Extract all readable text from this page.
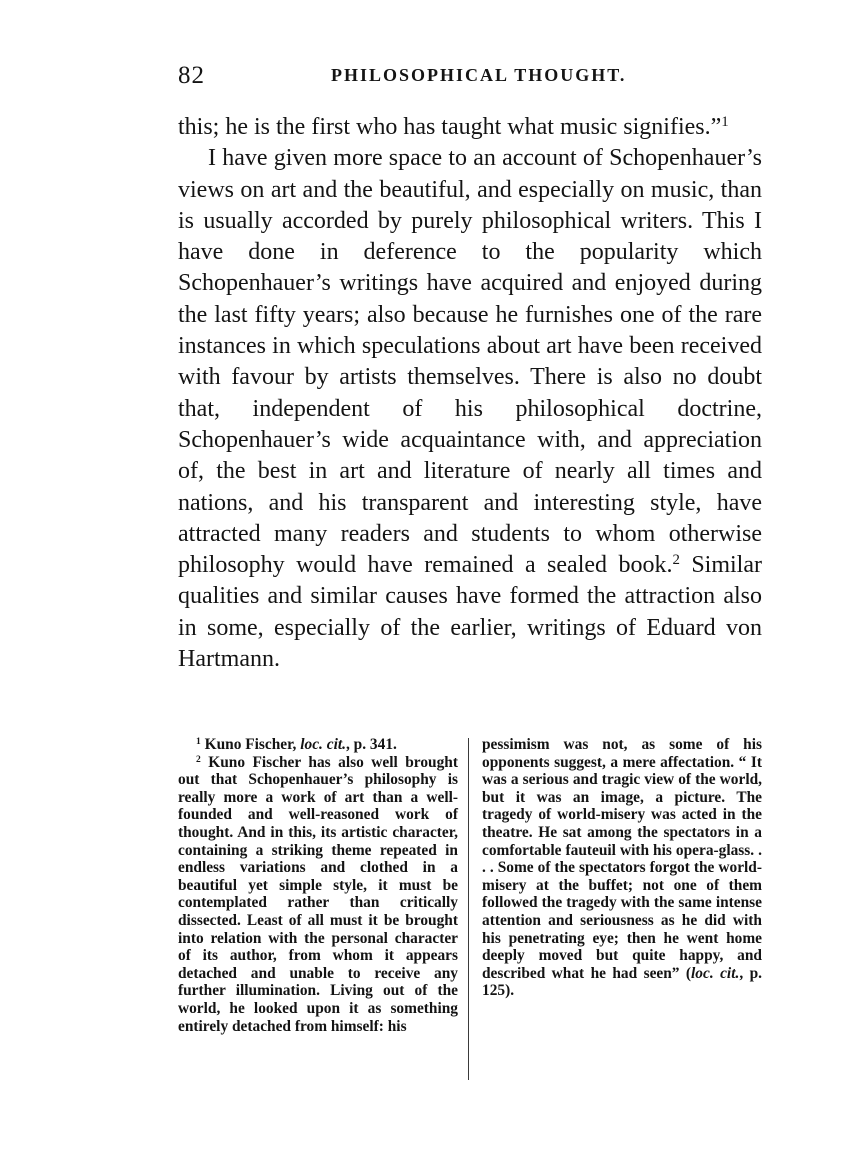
82	PHILOSOPHICAL THOUGHT.

this; he is the first who has taught what music signifies.”$^1$

I have given more space to an account of Schopenhauer’s views on art and the beautiful, and especially on music, than is usually accorded by purely philosophical writers. This I have done in deference to the popularity which Schopenhauer’s writings have acquired and enjoyed during the last fifty years; also because he furnishes one of the rare instances in which speculations about art have been received with favour by artists themselves. There is also no doubt that, independent of his philosophical doctrine, Schopenhauer’s wide acquaintance with, and appreciation of, the best in art and literature of nearly all times and nations, and his transparent and interesting style, have attracted many readers and students to whom otherwise philosophy would have remained a sealed book.$^2$ Similar qualities and similar causes have formed the attraction also in some, especially of the earlier, writings of Eduard von Hartmann.

$^1$ Kuno Fischer, loc. cit., p. 341.

$^2$ Kuno Fischer has also well brought out that Schopenhauer’s philosophy is really more a work of art than a well-founded and well-reasoned work of thought. And in this, its artistic character, containing a striking theme repeated in endless variations and clothed in a beautiful yet simple style, it must be contemplated rather than critically dissected. Least of all must it be brought into relation with the personal character of its author, from whom it appears detached and unable to receive any further illumination. Living out of the world, he looked upon it as something entirely detached from himself: his

pessimism was not, as some of his opponents suggest, a mere affectation. “ It was a serious and tragic view of the world, but it was an image, a picture. The tragedy of world-misery was acted in the theatre. He sat among the spectators in a comfortable fauteuil with his opera-glass. . . . Some of the spectators forgot the world-misery at the buffet; not one of them followed the tragedy with the same intense attention and seriousness as he did with his penetrating eye; then he went home deeply moved but quite happy, and described what he had seen” (loc. cit., p. 125).
